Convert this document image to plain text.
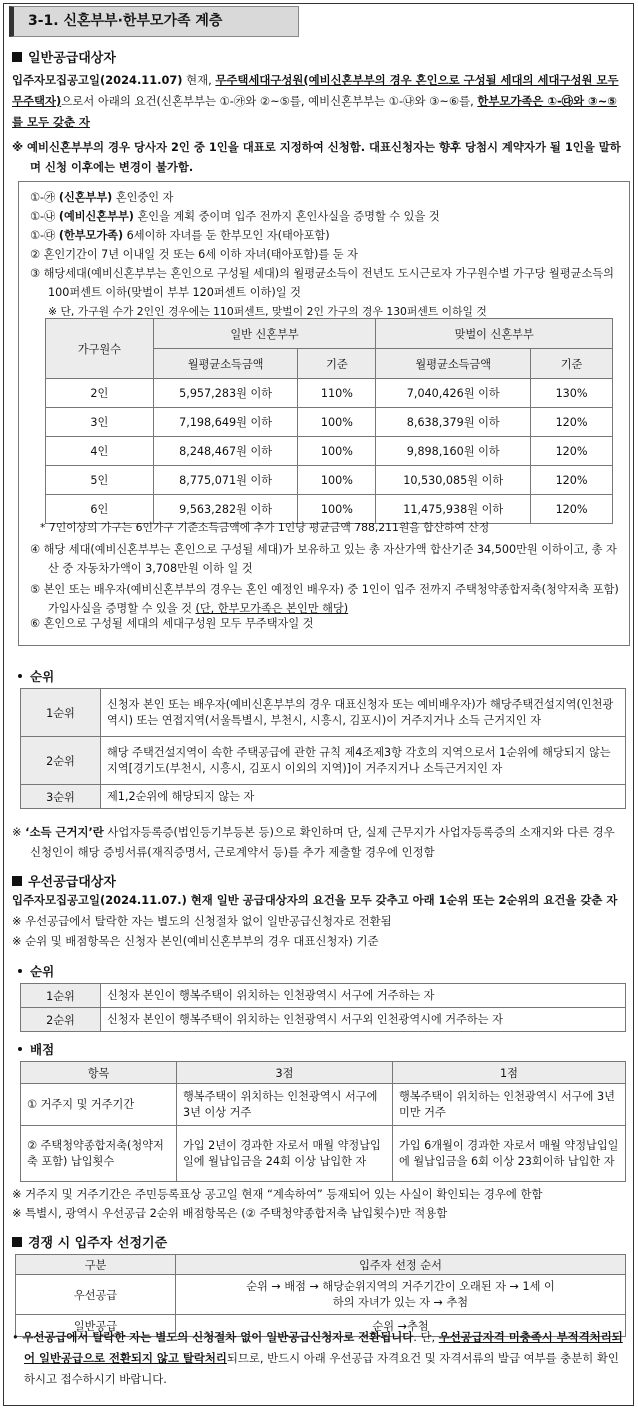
3-1. 신혼부부·한부모가족 계층
일반공급대상자
입주자모집공고일(2024.11.07) 현재, 무주택세대구성원(예비신혼부부의 경우 혼인으로 구성될 세대의 세대구성원 모두 무주택자)으로서 아래의 요건(신혼부부는 ①-㉮와 ②~⑤를, 예비신혼부부는 ①-㉯와 ③~⑥를, 한부모가족은 ①-㉰와 ③~⑤를 모두 갖춘 자
※ 예비신혼부부의 경우 당사자 2인 중 1인을 대표로 지정하여 신청함. 대표신청자는 향후 당첨시 계약자가 될 1인을 말하며 신청 이후에는 변경이 불가함.
①-㉮ (신혼부부) 혼인중인 자
①-㉯ (예비신혼부부) 혼인을 계획 중이며 입주 전까지 혼인사실을 증명할 수 있을 것
①-㉰ (한부모가족) 6세이하 자녀를 둔 한부모인 자(태아포함)
② 혼인기간이 7년 이내일 것 또는 6세 이하 자녀(태아포함)를 둔 자
③ 해당세대(예비신혼부부는 혼인으로 구성될 세대)의 월평균소득이 전년도 도시근로자 가구원수별 가구당 월평균소득의 100퍼센트 이하(맞벌이 부부 120퍼센트 이하)일 것
※ 단, 가구원 수가 2인인 경우에는 110퍼센트, 맞벌이 2인 가구의 경우 130퍼센트 이하일 것
가구원수	일반 신혼부부		맞벌이 신혼부부	
	월평균소득금액	기준	월평균소득금액	기준
2인	5,957,283원 이하	110%	7,040,426원 이하	130%
3인	7,198,649원 이하	100%	8,638,379원 이하	120%
4인	8,248,467원 이하	100%	9,898,160원 이하	120%
5인	8,775,071원 이하	100%	10,530,085원 이하	120%
6인	9,563,282원 이하	100%	11,475,938원 이하	120%
* 7인이상의 가구는 6인가구 기준소득금액에 추가 1인당 평균금액 788,211원을 합산하여 산정
④ 해당 세대(예비신혼부부는 혼인으로 구성될 세대)가 보유하고 있는 총 자산가액 합산기준 34,500만원 이하이고, 총 자산 중 자동차가액이 3,708만원 이하 일 것
⑤ 본인 또는 배우자(예비신혼부부의 경우는 혼인 예정인 배우자) 중 1인이 입주 전까지 주택청약종합저축(청약저축 포함) 가입사실을 증명할 수 있을 것 (단, 한부모가족은 본인만 해당)
⑥ 혼인으로 구성될 세대의 세대구성원 모두 무주택자일 것
순위
1순위	신청자 본인 또는 배우자(예비신혼부부의 경우 대표신청자 또는 예비배우자)가 해당주택건설지역(인천광역시) 또는 연접지역(서울특별시, 부천시, 시흥시, 김포시)이 거주지거나 소득 근거지인 자
2순위	해당 주택건설지역이 속한 주택공급에 관한 규칙 제4조제3항 각호의 지역으로서 1순위에 해당되지 않는 지역[경기도(부천시, 시흥시, 김포시 이외의 지역)]이 거주지거나 소득근거지인 자
3순위	제1,2순위에 해당되지 않는 자
※ ‘소득 근거지’란 사업자등록증(법인등기부등본 등)으로 확인하며 단, 실제 근무지가 사업자등록증의 소재지와 다른 경우 신청인이 해당 증빙서류(재직증명서, 근로계약서 등)를 추가 제출할 경우에 인정함
우선공급대상자
입주자모집공고일(2024.11.07.) 현재 일반 공급대상자의 요건을 모두 갖추고 아래 1순위 또는 2순위의 요건을 갖춘 자
※ 우선공급에서 탈락한 자는 별도의 신청절차 없이 일반공급신청자로 전환됨
※ 순위 및 배점항목은 신청자 본인(예비신혼부부의 경우 대표신청자) 기준
순위
1순위	신청자 본인이 행복주택이 위치하는 인천광역시 서구에 거주하는 자
2순위	신청자 본인이 행복주택이 위치하는 인천광역시 서구외 인천광역시에 거주하는 자
배점
항목	3점	1점
① 거주지 및 거주기간	행복주택이 위치하는 인천광역시 서구에 3년 이상 거주	행복주택이 위치하는 인천광역시 서구에 3년 미만 거주
② 주택청약종합저축(청약저축 포함) 납입횟수	가입 2년이 경과한 자로서 매월 약정납입일에 월납입금을 24회 이상 납입한 자	가입 6개월이 경과한 자로서 매월 약정납입일에 월납입금을 6회 이상 23회이하 납입한 자
※ 거주지 및 거주기간은 주민등록표상 공고일 현재 “계속하여” 등재되어 있는 사실이 확인되는 경우에 한함
※ 특별시, 광역시 우선공급 2순위 배점항목은 (② 주택청약종합저축 납입횟수)만 적용함
경쟁 시 입주자 선정기준
구분	입주자 선정 순서
우선공급	순위 → 배점 → 해당순위지역의 거주기간이 오래된 자 → 1세 이하의 자녀가 있는 자 → 추첨
일반공급	순위 →추첨
• 우선공급에서 탈락한 자는 별도의 신청절차 없이 일반공급신청자로 전환됩니다. 단, 우선공급자격 미충족시 부적격처리되어 일반공급으로 전환되지 않고 탈락처리되므로, 반드시 아래 우선공급 자격요건 및 자격서류의 발급 여부를 충분히 확인하시고 접수하시기 바랍니다.
